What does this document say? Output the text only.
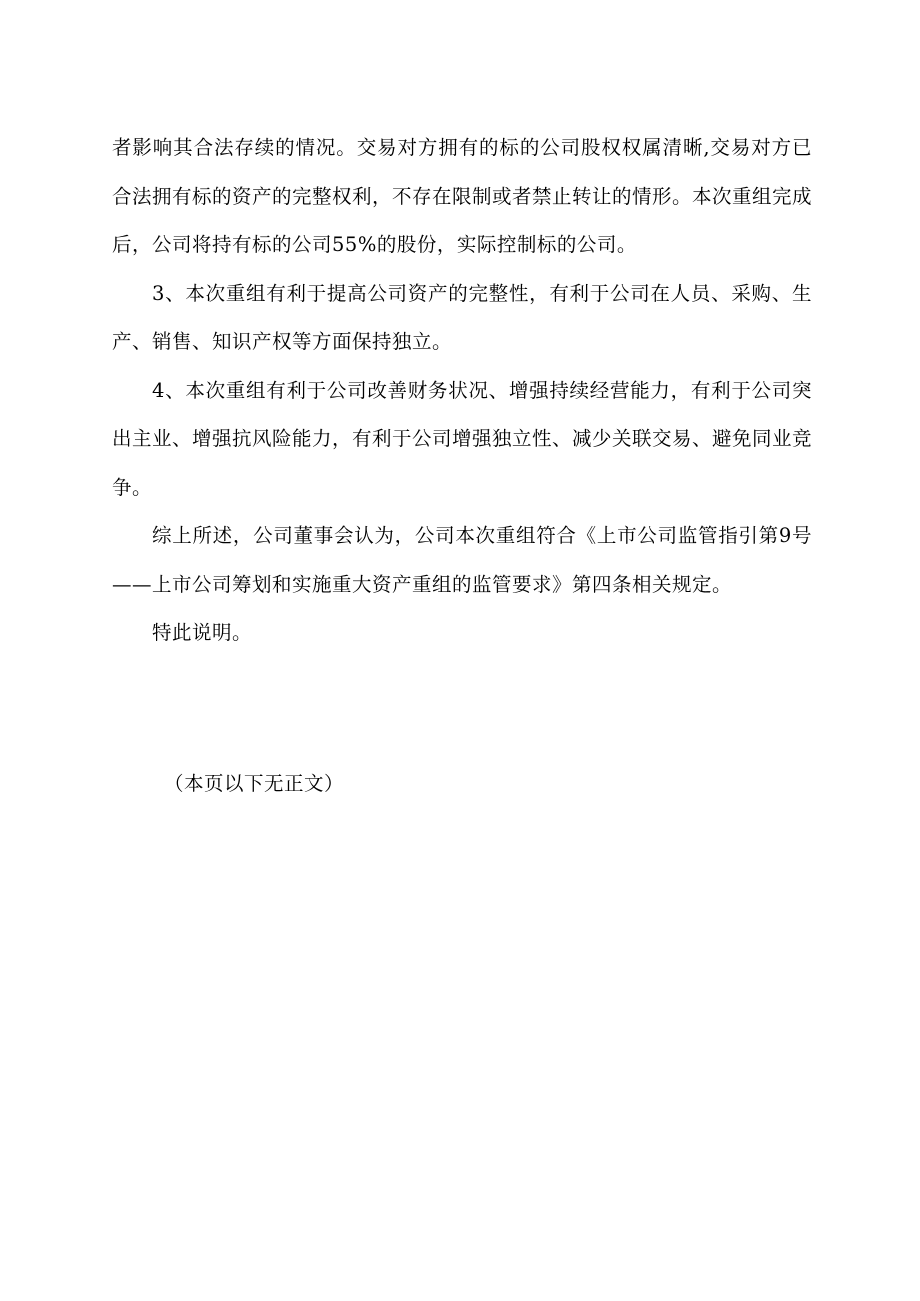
者影响其合法存续的情况。交易对方拥有的标的公司股权权属清晰,交易对方已合法拥有标的资产的完整权利，不存在限制或者禁止转让的情形。本次重组完成后，公司将持有标的公司55%的股份，实际控制标的公司。

3、本次重组有利于提高公司资产的完整性，有利于公司在人员、采购、生产、销售、知识产权等方面保持独立。

4、本次重组有利于公司改善财务状况、增强持续经营能力，有利于公司突出主业、增强抗风险能力，有利于公司增强独立性、减少关联交易、避免同业竞争。

综上所述，公司董事会认为，公司本次重组符合《上市公司监管指引第9号——上市公司筹划和实施重大资产重组的监管要求》第四条相关规定。

特此说明。

（本页以下无正文）
